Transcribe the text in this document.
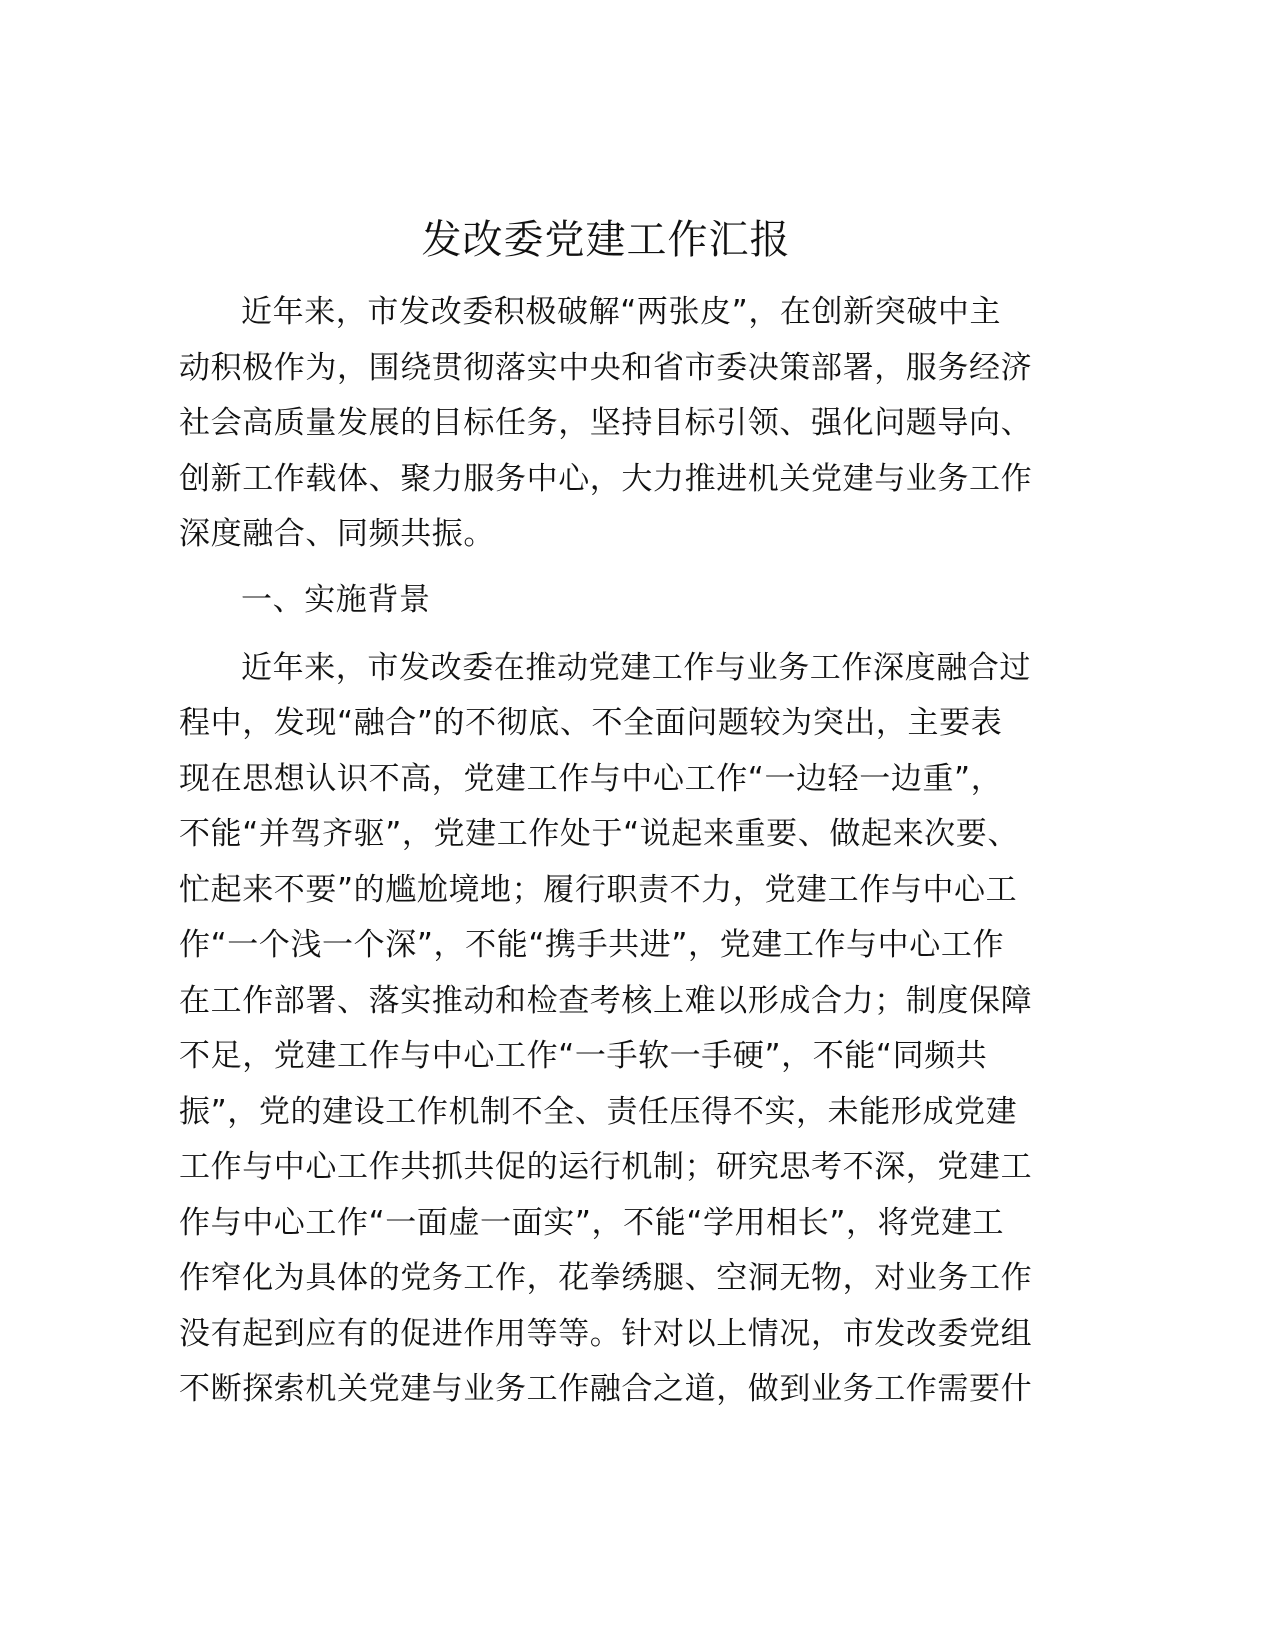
发改委党建工作汇报
近年来，市发改委积极破解“两张皮”，在创新突破中主
动积极作为，围绕贯彻落实中央和省市委决策部署，服务经济
社会高质量发展的目标任务，坚持目标引领、强化问题导向、
创新工作载体、聚力服务中心，大力推进机关党建与业务工作
深度融合、同频共振。
一、实施背景
近年来，市发改委在推动党建工作与业务工作深度融合过
程中，发现“融合”的不彻底、不全面问题较为突出，主要表
现在思想认识不高，党建工作与中心工作“一边轻一边重”，
不能“并驾齐驱”，党建工作处于“说起来重要、做起来次要、
忙起来不要”的尴尬境地；履行职责不力，党建工作与中心工
作“一个浅一个深”，不能“携手共进”，党建工作与中心工作
在工作部署、落实推动和检查考核上难以形成合力；制度保障
不足，党建工作与中心工作“一手软一手硬”，不能“同频共
振”，党的建设工作机制不全、责任压得不实，未能形成党建
工作与中心工作共抓共促的运行机制；研究思考不深，党建工
作与中心工作“一面虚一面实”，不能“学用相长”，将党建工
作窄化为具体的党务工作，花拳绣腿、空洞无物，对业务工作
没有起到应有的促进作用等等。针对以上情况，市发改委党组
不断探索机关党建与业务工作融合之道，做到业务工作需要什
